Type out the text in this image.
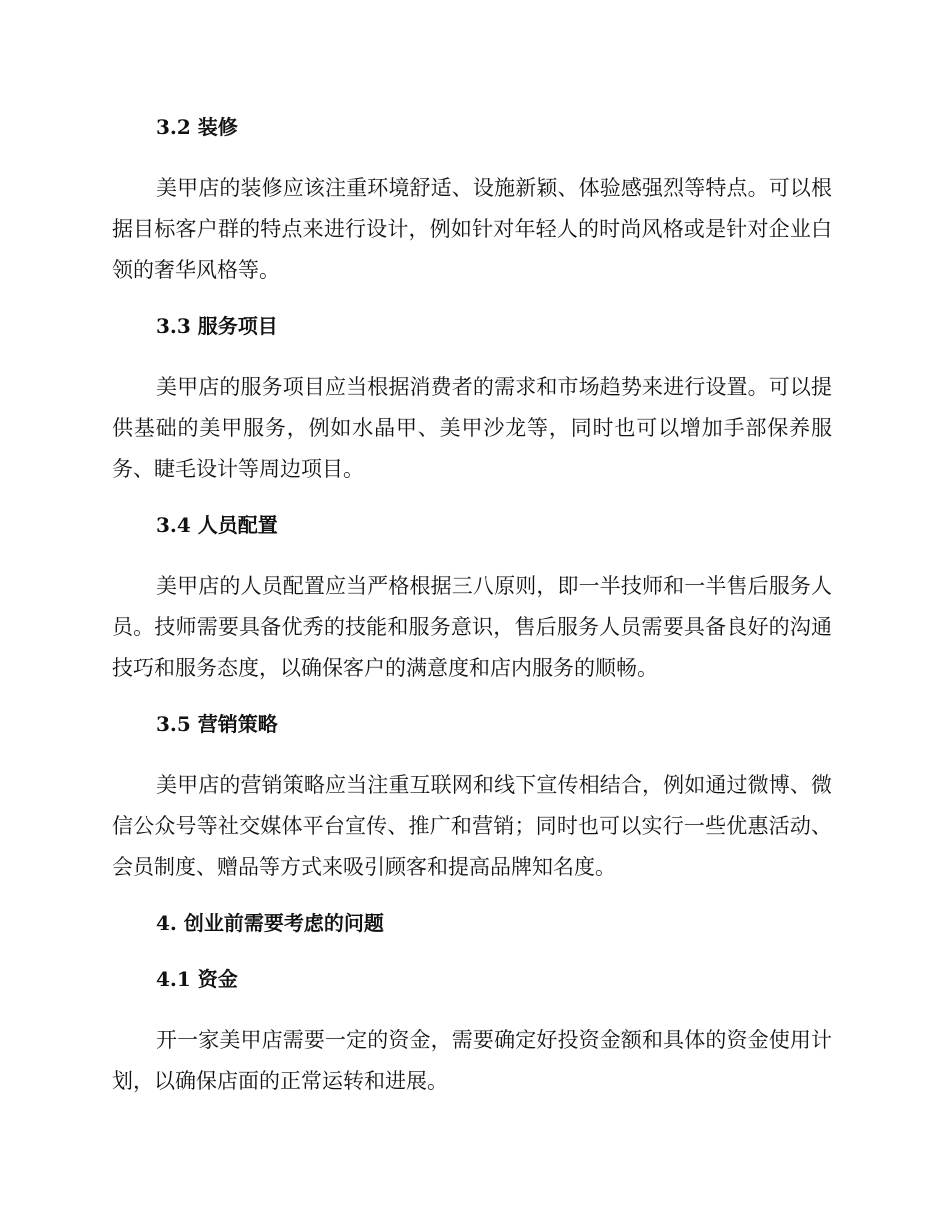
3.2 装修

美甲店的装修应该注重环境舒适、设施新颖、体验感强烈等特点。可以根据目标客户群的特点来进行设计，例如针对年轻人的时尚风格或是针对企业白领的奢华风格等。

3.3 服务项目

美甲店的服务项目应当根据消费者的需求和市场趋势来进行设置。可以提供基础的美甲服务，例如水晶甲、美甲沙龙等，同时也可以增加手部保养服务、睫毛设计等周边项目。

3.4 人员配置

美甲店的人员配置应当严格根据三八原则，即一半技师和一半售后服务人员。技师需要具备优秀的技能和服务意识，售后服务人员需要具备良好的沟通技巧和服务态度，以确保客户的满意度和店内服务的顺畅。

3.5 营销策略

美甲店的营销策略应当注重互联网和线下宣传相结合，例如通过微博、微信公众号等社交媒体平台宣传、推广和营销；同时也可以实行一些优惠活动、会员制度、赠品等方式来吸引顾客和提高品牌知名度。

4. 创业前需要考虑的问题
4.1 资金

开一家美甲店需要一定的资金，需要确定好投资金额和具体的资金使用计划，以确保店面的正常运转和进展。
